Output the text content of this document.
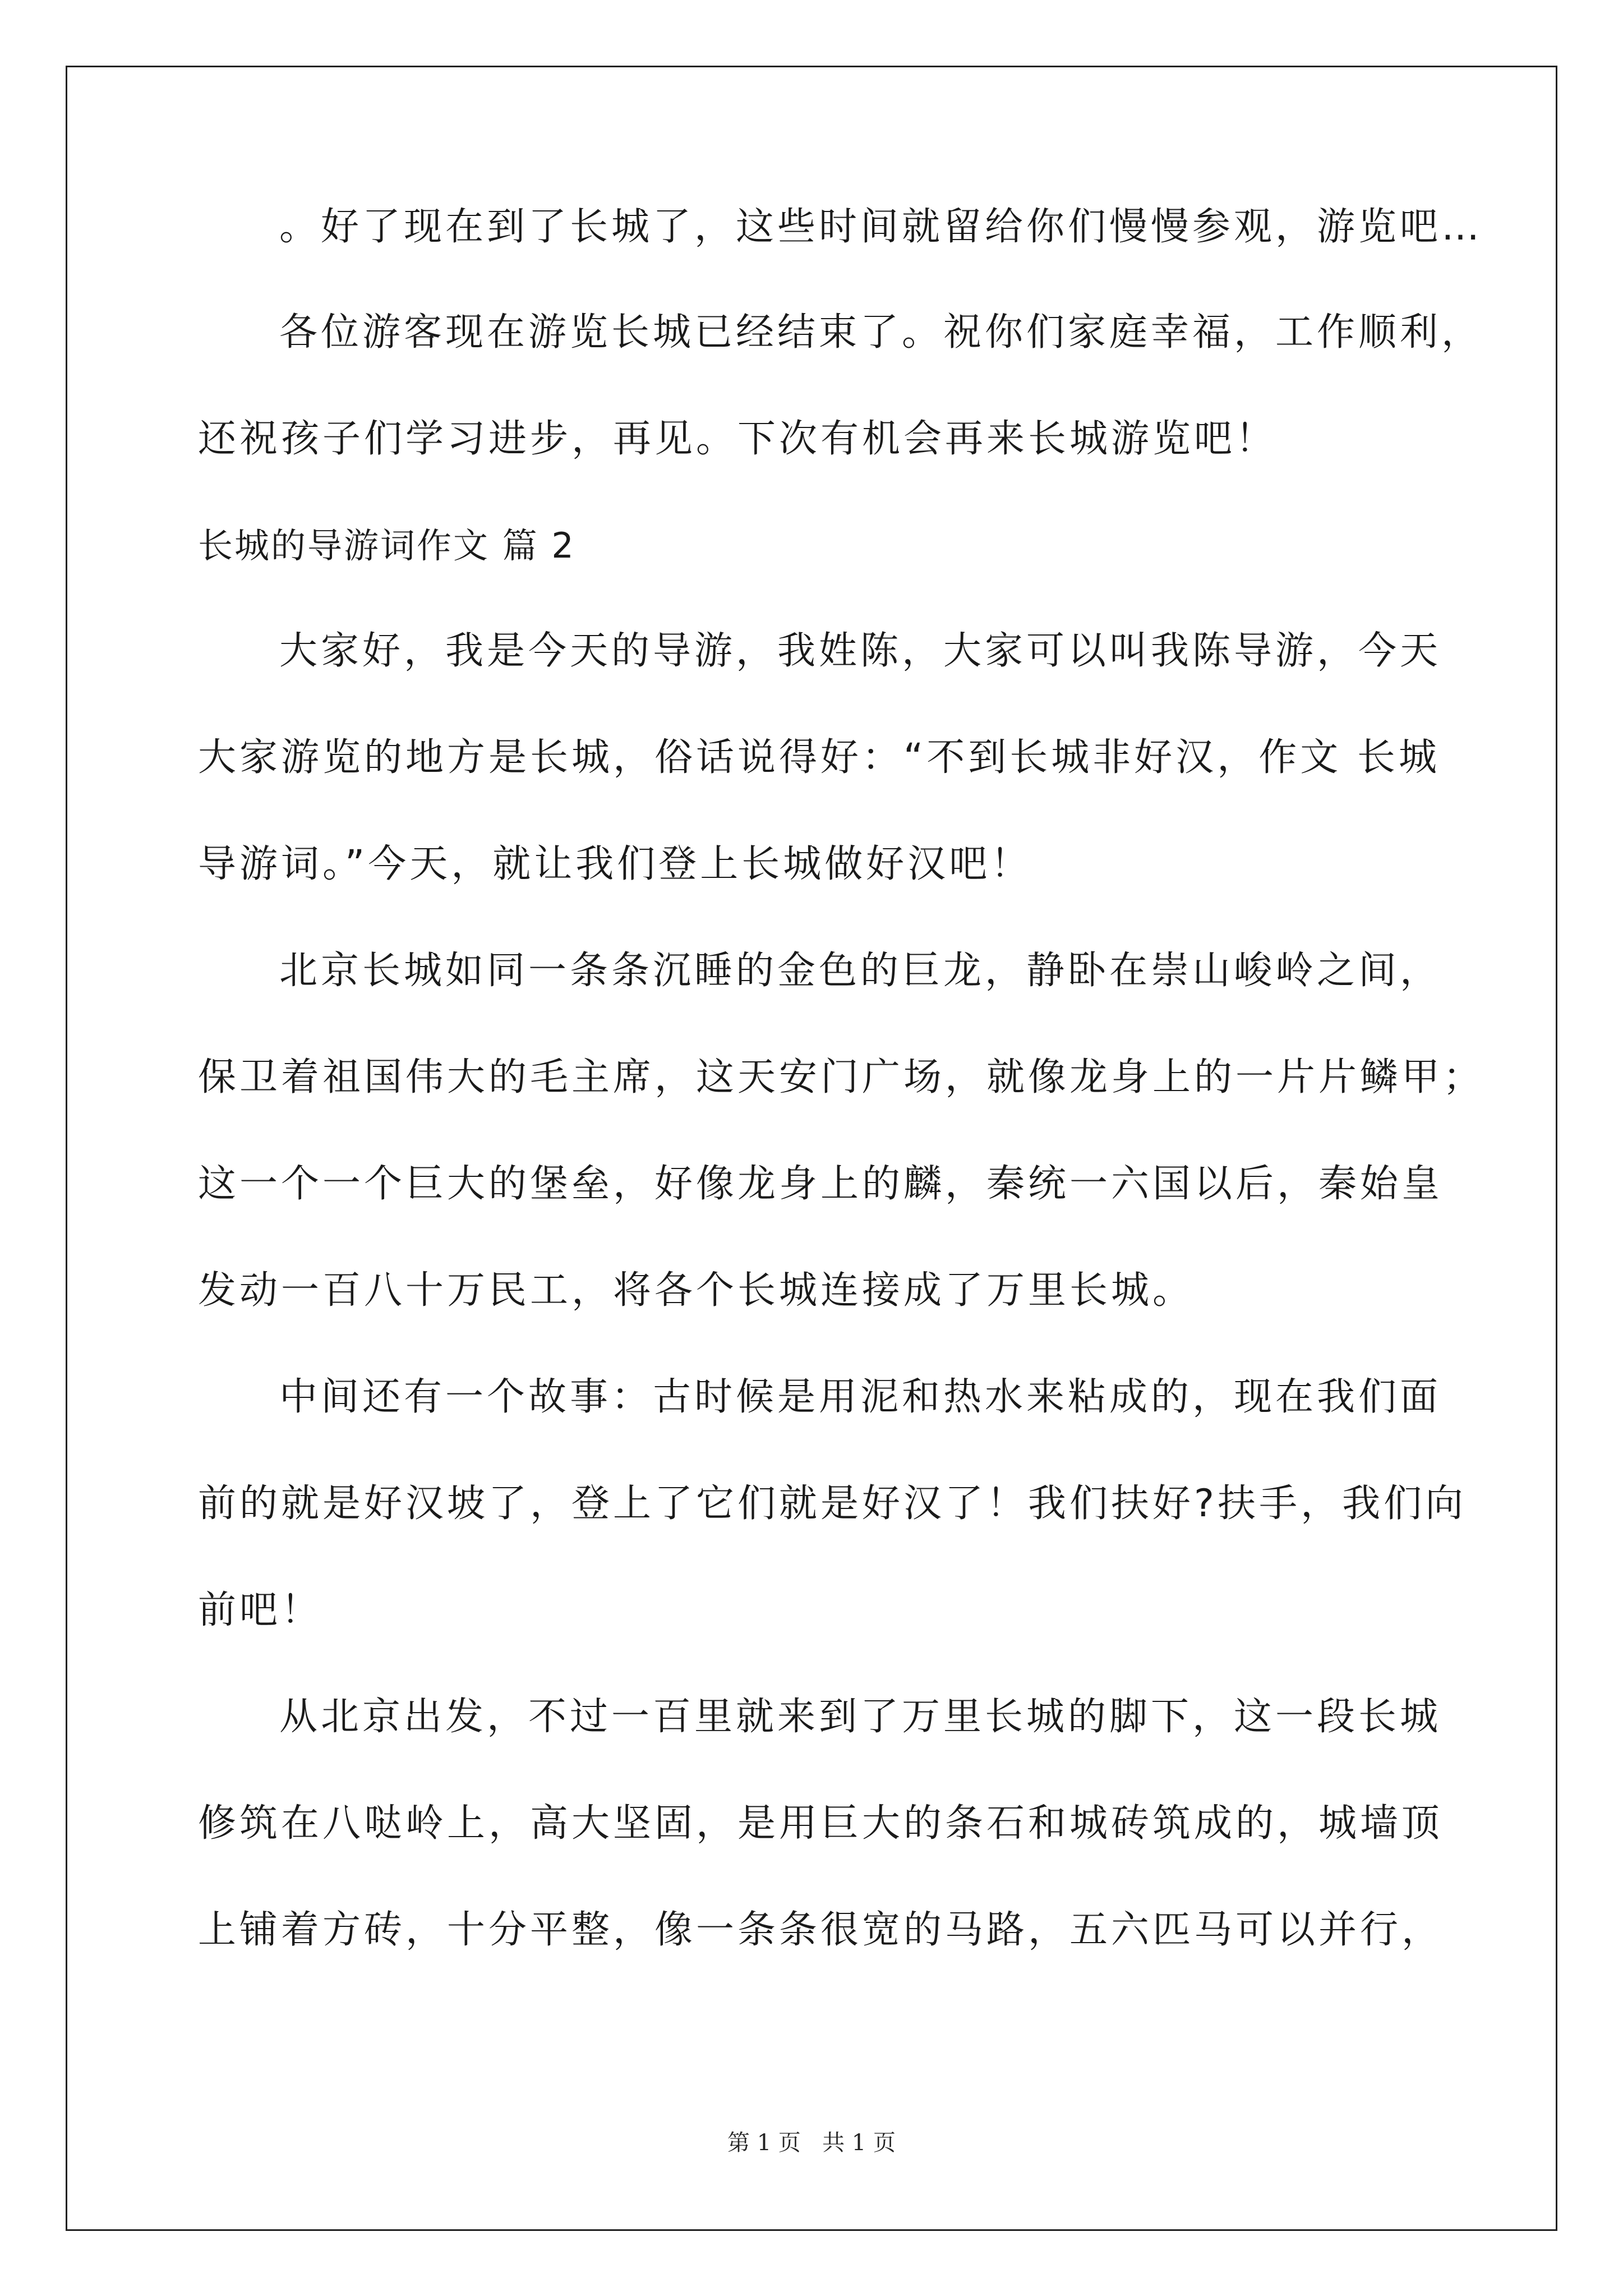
。好了现在到了长城了，这些时间就留给你们慢慢参观，游览吧…
各位游客现在游览长城已经结束了。祝你们家庭幸福，工作顺利，
还祝孩子们学习进步，再见。下次有机会再来长城游览吧！
长城的导游词作文 篇 2
大家好，我是今天的导游，我姓陈，大家可以叫我陈导游，今天
大家游览的地方是长城，俗话说得好：“不到长城非好汉，作文 长城
导游词。”今天，就让我们登上长城做好汉吧！
北京长城如同一条条沉睡的金色的巨龙，静卧在崇山峻岭之间，
保卫着祖国伟大的毛主席，这天安门广场，就像龙身上的一片片鳞甲；
这一个一个巨大的堡垒，好像龙身上的麟，秦统一六国以后，秦始皇
发动一百八十万民工，将各个长城连接成了万里长城。
中间还有一个故事：古时候是用泥和热水来粘成的，现在我们面
前的就是好汉坡了，登上了它们就是好汉了！我们扶好?扶手，我们向
前吧！
从北京出发，不过一百里就来到了万里长城的脚下，这一段长城
修筑在八哒岭上，高大坚固，是用巨大的条石和城砖筑成的，城墙顶
上铺着方砖，十分平整，像一条条很宽的马路，五六匹马可以并行，
第 1 页   共 1 页
